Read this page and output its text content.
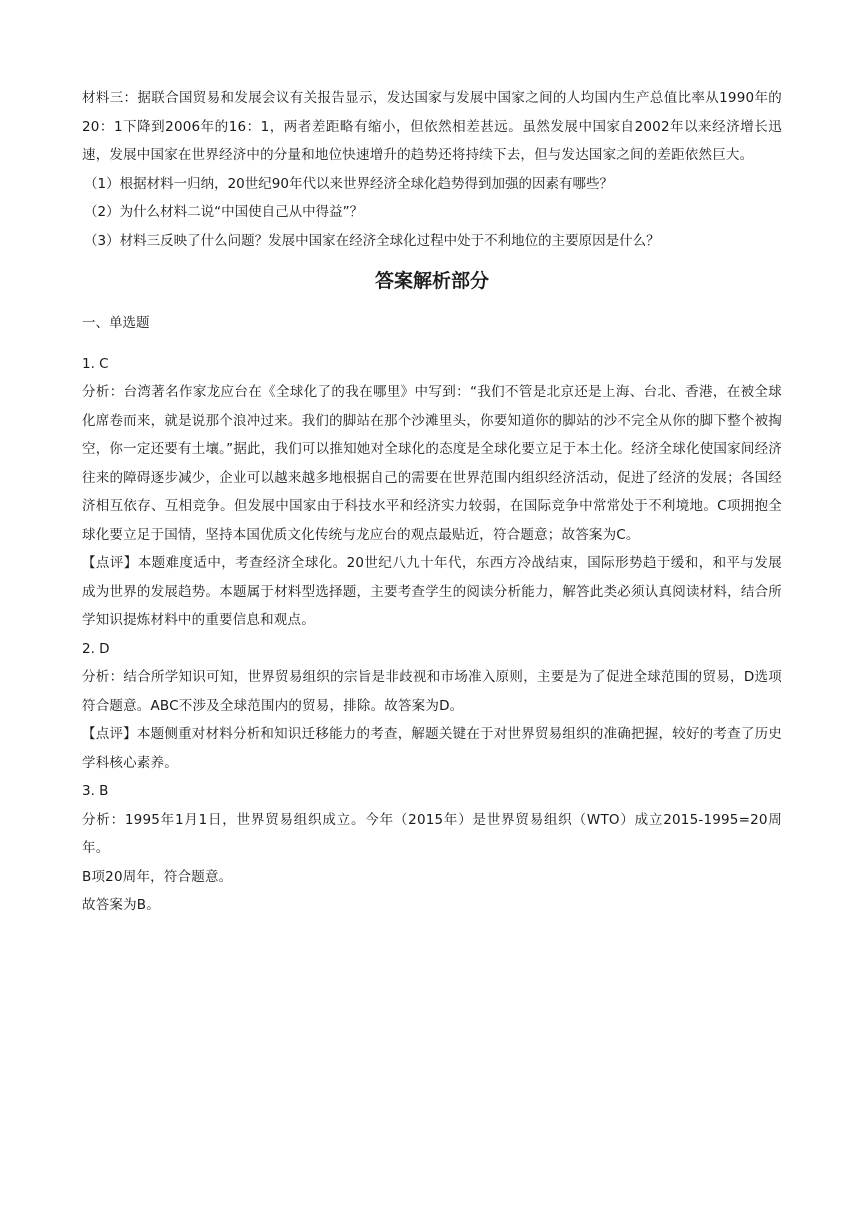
材料三：据联合国贸易和发展会议有关报告显示，发达国家与发展中国家之间的人均国内生产总值比率从1990年的20：1下降到2006年的16：1，两者差距略有缩小，但依然相差甚远。虽然发展中国家自2002年以来经济增长迅速，发展中国家在世界经济中的分量和地位快速增升的趋势还将持续下去，但与发达国家之间的差距依然巨大。

（1）根据材料一归纳，20世纪90年代以来世界经济全球化趋势得到加强的因素有哪些？

（2）为什么材料二说“中国使自己从中得益”？

（3）材料三反映了什么问题？发展中国家在经济全球化过程中处于不利地位的主要原因是什么？

答案解析部分
一、单选题

1. C

分析：台湾著名作家龙应台在《全球化了的我在哪里》中写到：“我们不管是北京还是上海、台北、香港，在被全球化席卷而来，就是说那个浪冲过来。我们的脚站在那个沙滩里头，你要知道你的脚站的沙不完全从你的脚下整个被掏空，你一定还要有土壤。”据此，我们可以推知她对全球化的态度是全球化要立足于本土化。经济全球化使国家间经济往来的障碍逐步减少，企业可以越来越多地根据自己的需要在世界范围内组织经济活动，促进了经济的发展；各国经济相互依存、互相竞争。但发展中国家由于科技水平和经济实力较弱，在国际竞争中常常处于不利境地。C项拥抱全球化要立足于国情，坚持本国优质文化传统与龙应台的观点最贴近，符合题意；故答案为C。

【点评】本题难度适中，考查经济全球化。20世纪八九十年代，东西方冷战结束，国际形势趋于缓和，和平与发展成为世界的发展趋势。本题属于材料型选择题，主要考查学生的阅读分析能力，解答此类必须认真阅读材料，结合所学知识提炼材料中的重要信息和观点。

2. D

分析：结合所学知识可知，世界贸易组织的宗旨是非歧视和市场准入原则，主要是为了促进全球范围的贸易，D选项符合题意。ABC不涉及全球范围内的贸易，排除。故答案为D。

【点评】本题侧重对材料分析和知识迁移能力的考查，解题关键在于对世界贸易组织的准确把握，较好的考查了历史学科核心素养。

3. B

分析：1995年1月1日，世界贸易组织成立。今年（2015年）是世界贸易组织（WTO）成立2015-1995=20周年。

B项20周年，符合题意。

故答案为B。
